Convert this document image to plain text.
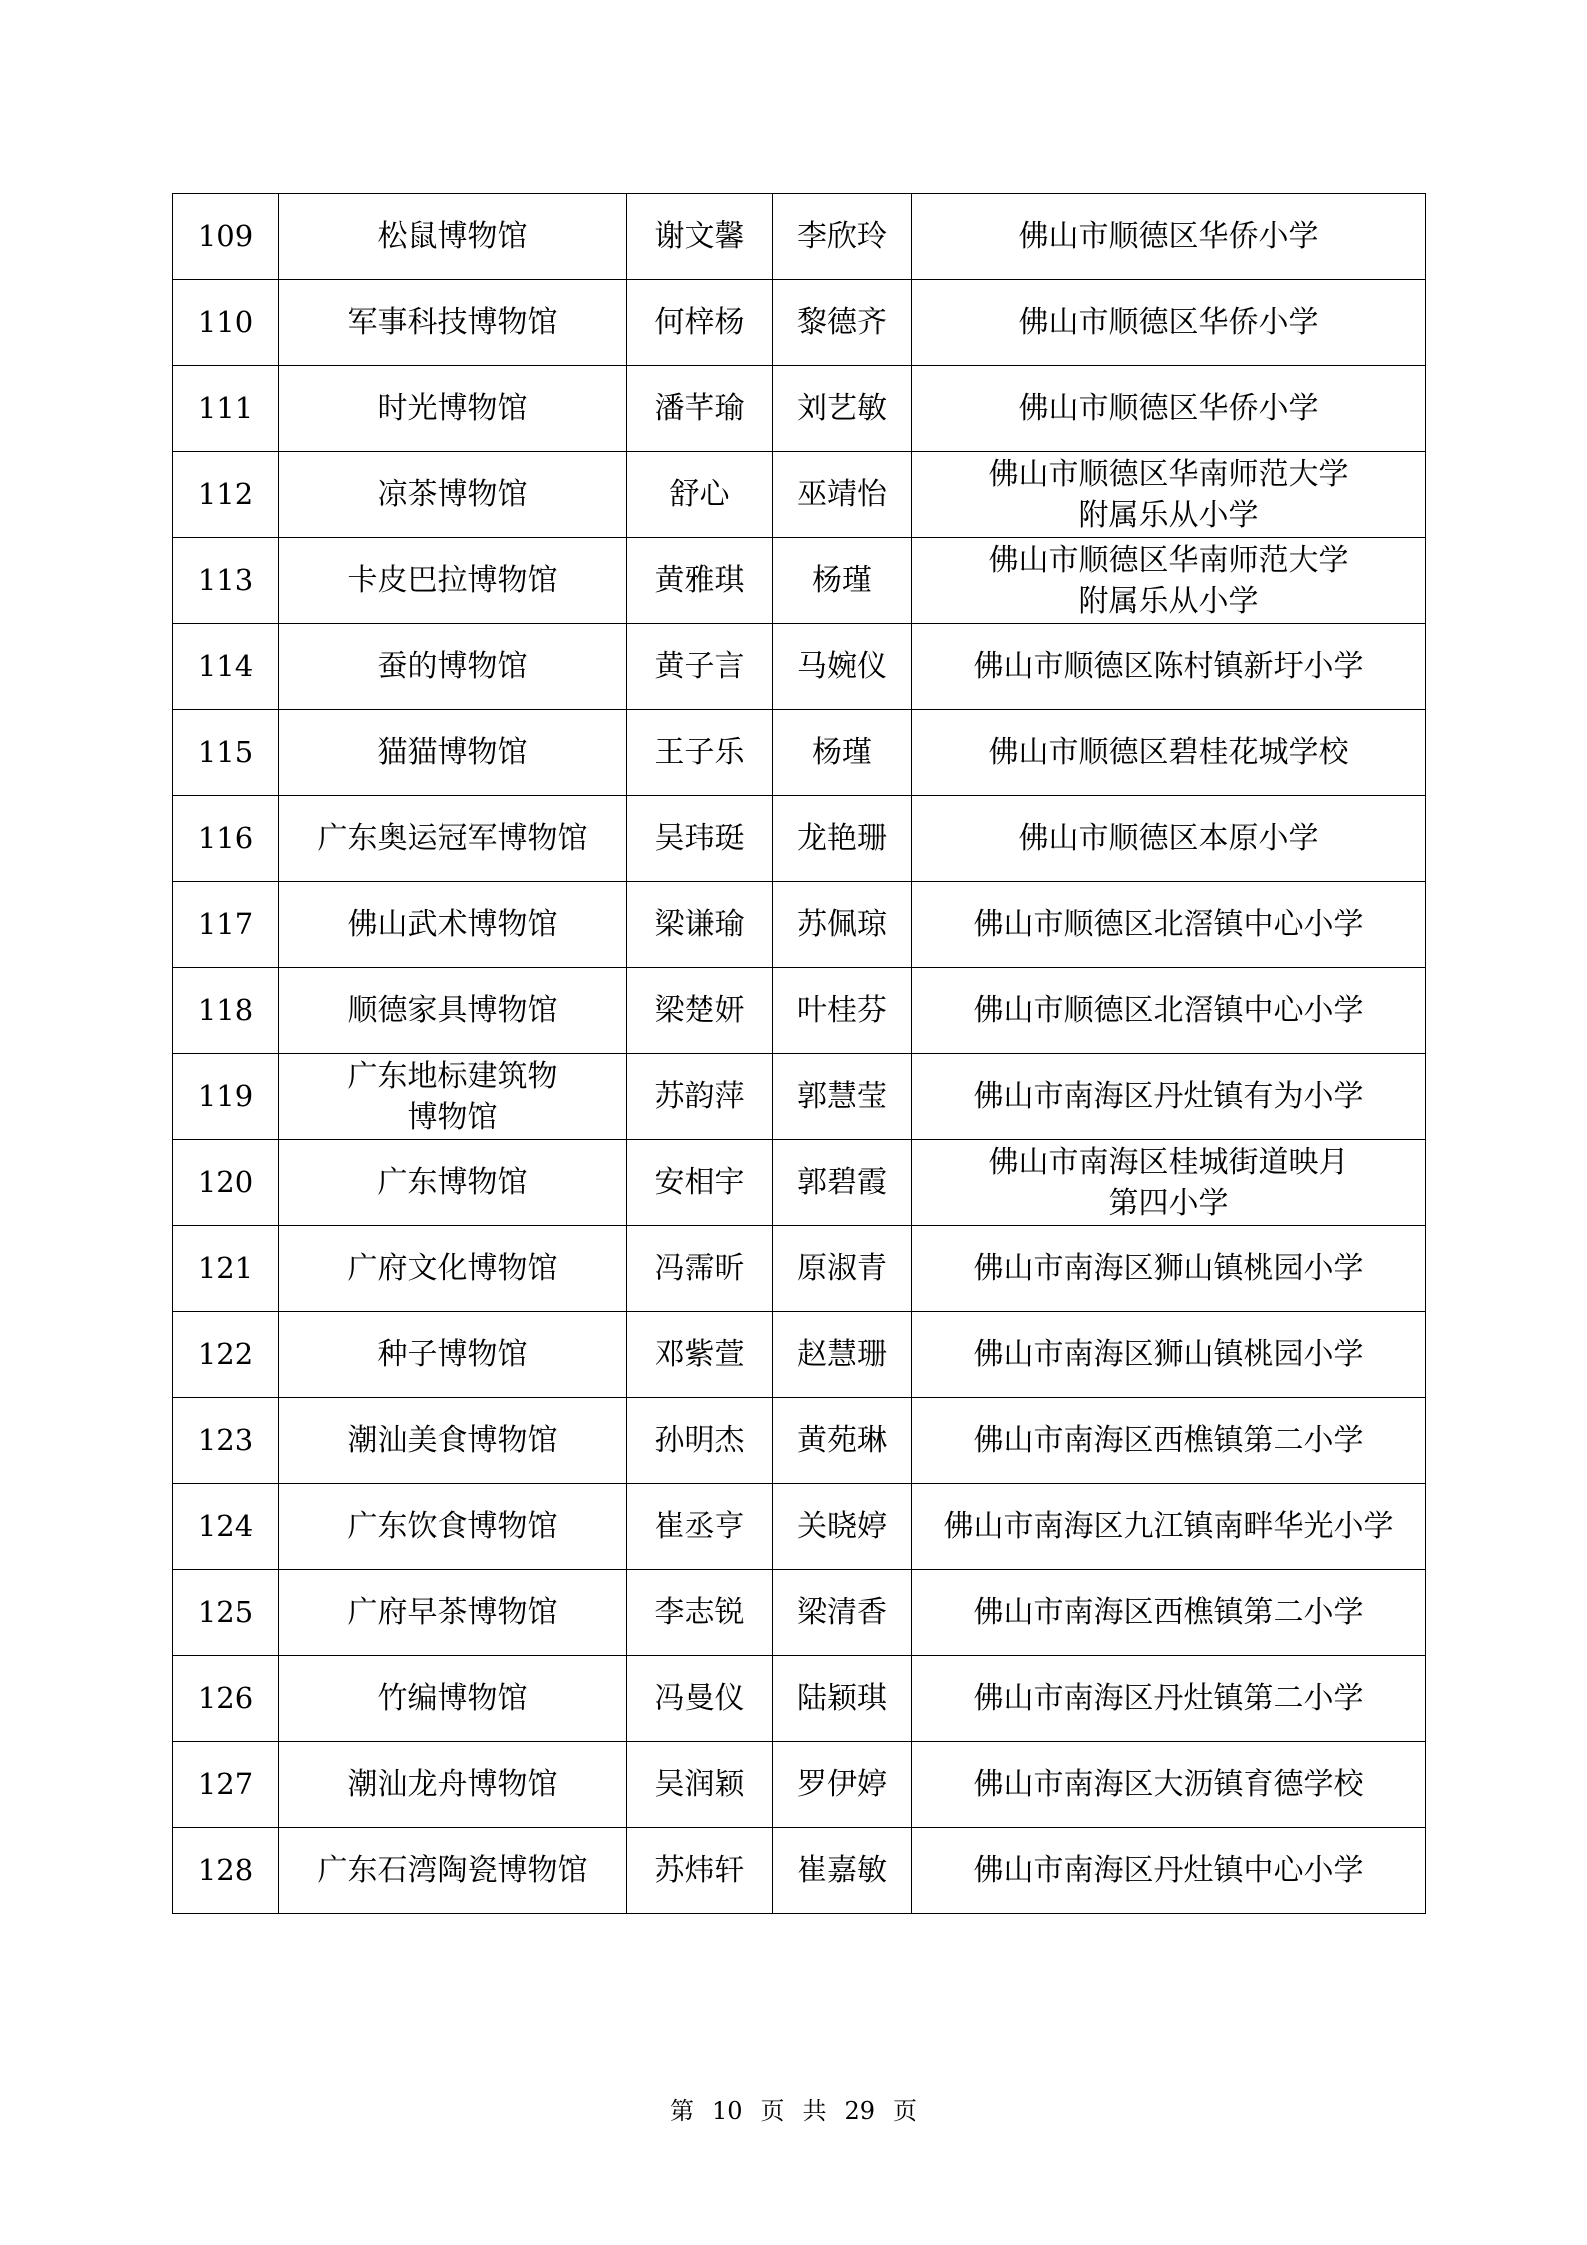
109	松鼠博物馆	谢文馨	李欣玲	佛山市顺德区华侨小学

110	军事科技博物馆	何梓杨	黎德齐	佛山市顺德区华侨小学

111	时光博物馆	潘芊瑜	刘艺敏	佛山市顺德区华侨小学

112	凉茶博物馆	舒心	巫靖怡	佛山市顺德区华南师范大学
附属乐从小学

113	卡皮巴拉博物馆	黄雅琪	杨瑾	佛山市顺德区华南师范大学
附属乐从小学

114	蚕的博物馆	黄子言	马婉仪	佛山市顺德区陈村镇新圩小学

115	猫猫博物馆	王子乐	杨瑾	佛山市顺德区碧桂花城学校

116	广东奥运冠军博物馆	吴玮珽	龙艳珊	佛山市顺德区本原小学

117	佛山武术博物馆	梁谦瑜	苏佩琼	佛山市顺德区北滘镇中心小学

118	顺德家具博物馆	梁楚妍	叶桂芬	佛山市顺德区北滘镇中心小学

119	广东地标建筑物
博物馆	苏韵萍	郭慧莹	佛山市南海区丹灶镇有为小学

120	广东博物馆	安相宇	郭碧霞	佛山市南海区桂城街道映月
第四小学

121	广府文化博物馆	冯霈昕	原淑青	佛山市南海区狮山镇桃园小学

122	种子博物馆	邓紫萱	赵慧珊	佛山市南海区狮山镇桃园小学

123	潮汕美食博物馆	孙明杰	黄苑琳	佛山市南海区西樵镇第二小学

124	广东饮食博物馆	崔丞亨	关晓婷	佛山市南海区九江镇南畔华光小学

125	广府早茶博物馆	李志锐	梁清香	佛山市南海区西樵镇第二小学

126	竹编博物馆	冯曼仪	陆颖琪	佛山市南海区丹灶镇第二小学

127	潮汕龙舟博物馆	吴润颖	罗伊婷	佛山市南海区大沥镇育德学校

128	广东石湾陶瓷博物馆	苏炜轩	崔嘉敏	佛山市南海区丹灶镇中心小学
第 10 页 共 29 页
